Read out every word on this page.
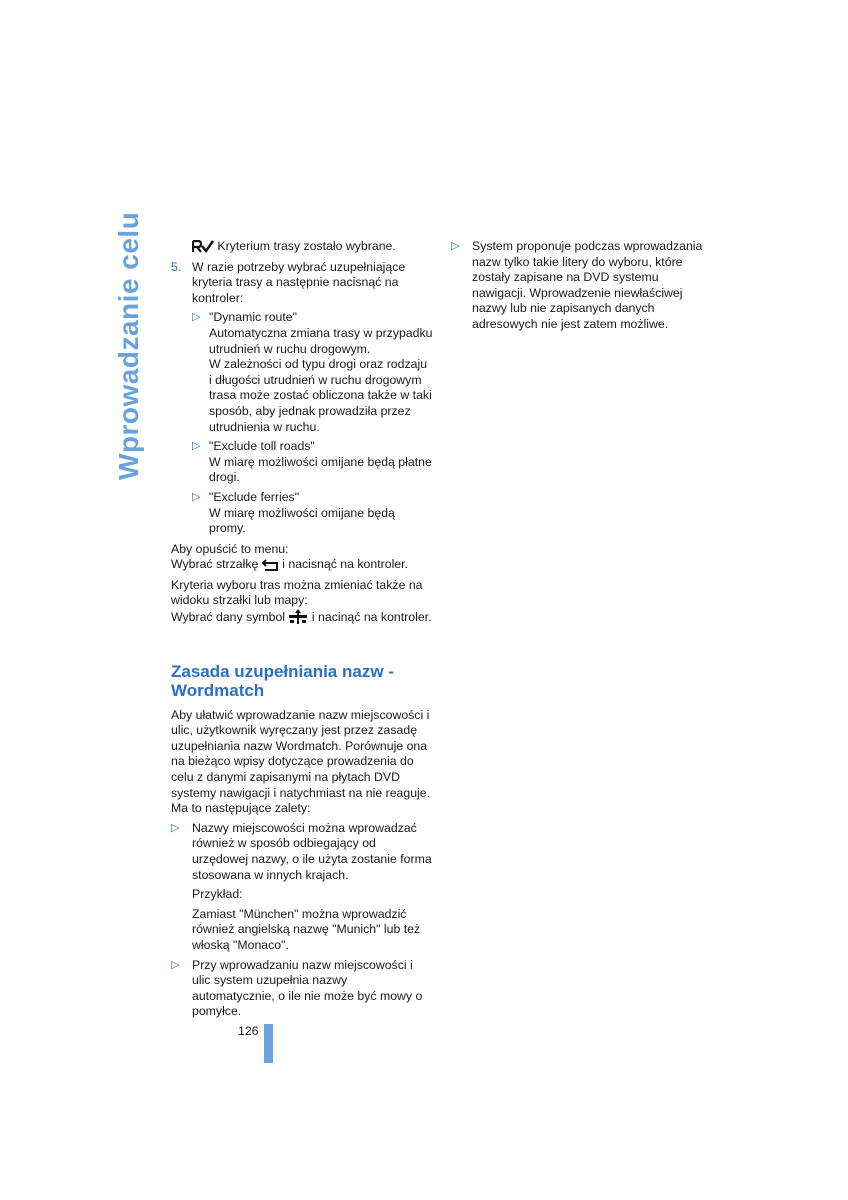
Wprowadzanie celu	Kryterium trasy zostało wybrane.

5. W razie potrzeby wybrać uzupełniające kryteria trasy a następnie nacisnąć na kontroler:

▷ "Dynamic route"

Automatyczna zmiana trasy w przypadku utrudnień w ruchu drogowym.

W zależności od typu drogi oraz rodzaju i długości utrudnień w ruchu drogowym trasa może zostać obliczona także w taki sposób, aby jednak prowadziła przez utrudnienia w ruchu.

▷ "Exclude toll roads"

W miarę możliwości omijane będą płatne drogi.

▷ "Exclude ferries"

W miarę możliwości omijane będą promy.

Aby opuścić to menu:

Wybrać strzałkę i nacisnąć na kontroler.

Kryteria wyboru tras można zmieniać także na widoku strzałki lub mapy:

Wybrać dany symbol i nacinąć na kontroler.

Zasada uzupełniania nazw - Wordmatch

Aby ułatwić wprowadzanie nazw miejscowości i ulic, użytkownik wyręczany jest przez zasadę uzupełniania nazw Wordmatch. Porównuje ona na bieżąco wpisy dotyczące prowadzenia do celu z danymi zapisanymi na płytach DVD systemy nawigacji i natychmiast na nie reaguje. Ma to następujące zalety:

▷ Nazwy miejscowości można wprowadzać również w sposób odbiegający od urzędowej nazwy, o ile użyta zostanie forma stosowana w innych krajach.

Przykład:

Zamiast "München" można wprowadzić również angielską nazwę "Munich" lub też włoską "Monaco".

▷ Przy wprowadzaniu nazw miejscowości i ulic system uzupełnia nazwy automatycznie, o ile nie może być mowy o pomyłce.

▷ System proponuje podczas wprowadzania nazw tylko takie litery do wyboru, które zostały zapisane na DVD systemu nawigacji. Wprowadzenie niewłaściwej nazwy lub nie zapisanych danych adresowych nie jest zatem możliwe.

126
